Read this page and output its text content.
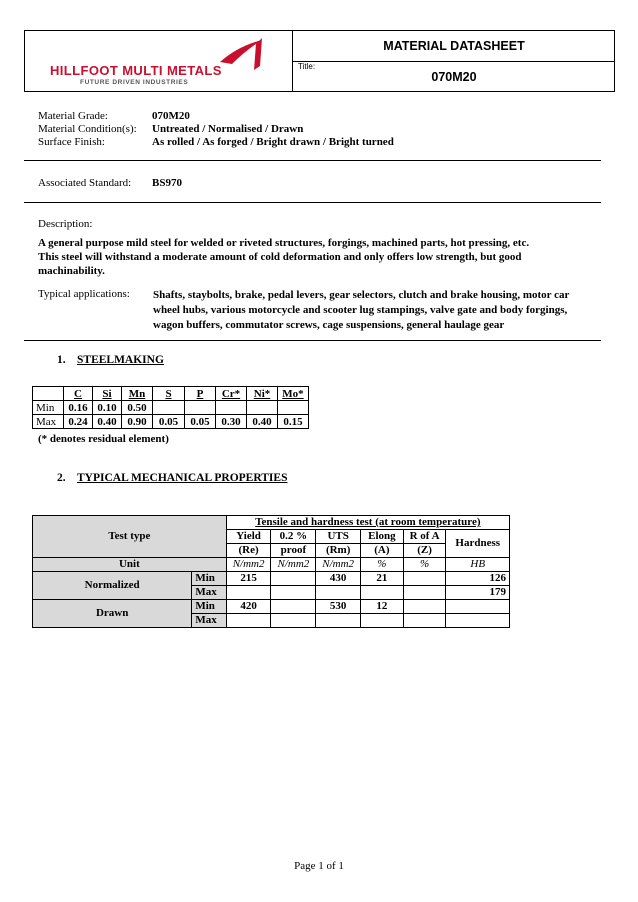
HILLFOOT MULTI METALS
FUTURE DRIVEN INDUSTRIES
MATERIAL DATASHEET
Title:
070M20
Material Grade:	070M20
Material Condition(s): Untreated / Normalised / Drawn
Surface Finish:	As rolled / As forged / Bright drawn / Bright turned
Associated Standard: BS970
Description:
A general purpose mild steel for welded or riveted structures, forgings, machined parts, hot pressing, etc.
This steel will withstand a moderate amount of cold deformation and only offers low strength, but good
machinability.
Typical applications: Shafts, staybolts, brake, pedal levers, gear selectors, clutch and brake housing, motor car
wheel hubs, various motorcycle and scooter lug stampings, valve gate and body forgings,
wagon buffers, commutator screws, cage suspensions, general haulage gear
1. STEELMAKING
	C	Si	Mn	S	P	Cr*	Ni*	Mo*
Min	0.16	0.10	0.50					
Max	0.24	0.40	0.90	0.05	0.05	0.30	0.40	0.15
(* denotes residual element)
2. TYPICAL MECHANICAL PROPERTIES
Test type		Tensile and hardness test (at room temperature)					
		Yield	0.2 %	UTS	Elong	R of A	Hardness
		(Re)	proof	(Rm)	(A)	(Z)	
Unit		N/mm2	N/mm2	N/mm2	%	%	HB
Normalized	Min	215		430	21		126
	Max						179
Drawn	Min	420		530	12		
	Max						
Page 1 of 1
